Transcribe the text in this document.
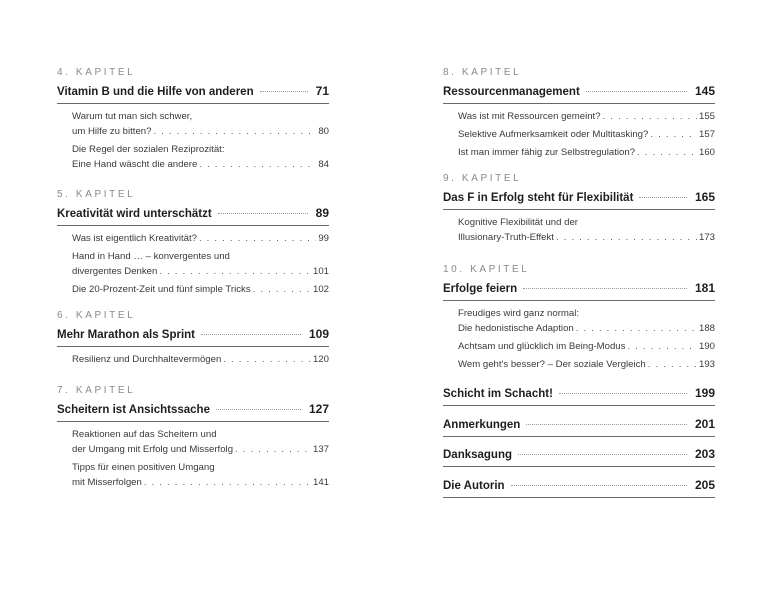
4. KAPITEL
Vitamin B und die Hilfe von anderen	71
Warum tut man sich schwer,
um Hilfe zu bitten? . . .	80
Die Regel der sozialen Reziprozität:
Eine Hand wäscht die andere . . .	84
5. KAPITEL
Kreativität wird unterschätzt	89
Was ist eigentlich Kreativität? . . .	99
Hand in Hand … – konvergentes und
divergentes Denken . . .	101
Die 20-Prozent-Zeit und fünf simple Tricks . . .	102
6. KAPITEL
Mehr Marathon als Sprint	109
Resilienz und Durchhaltevermögen . . .	120
7. KAPITEL
Scheitern ist Ansichtssache	127
Reaktionen auf das Scheitern und
der Umgang mit Erfolg und Misserfolg . . .	137
Tipps für einen positiven Umgang
mit Misserfolgen . . .	141
8. KAPITEL
Ressourcenmanagement	145
Was ist mit Ressourcen gemeint? . . .	155
Selektive Aufmerksamkeit oder Multitasking? . . .	157
Ist man immer fähig zur Selbstregulation? . . .	160
9. KAPITEL
Das F in Erfolg steht für Flexibilität	165
Kognitive Flexibilität und der
Illusionary-Truth-Effekt . . .	173
10. KAPITEL
Erfolge feiern	181
Freudiges wird ganz normal:
Die hedonistische Adaption . . .	188
Achtsam und glücklich im Being-Modus . . .	190
Wem geht's besser? – Der soziale Vergleich . . .	193
Schicht im Schacht!	199
Anmerkungen	201
Danksagung	203
Die Autorin	205
